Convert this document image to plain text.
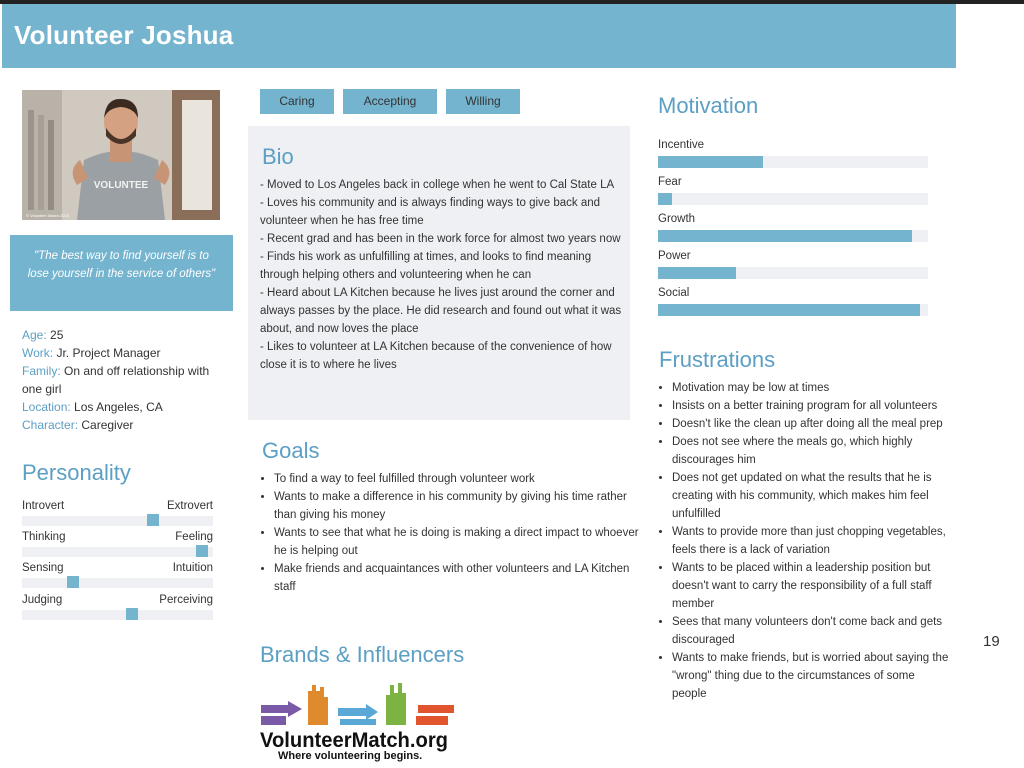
Volunteer Joshua
VOLUNTEE
© Volunteer Match 2015
"The best way to find yourself is to lose yourself in the service of others"
Age: 25
Work: Jr. Project Manager
Family: On and off relationship with one girl
Location: Los Angeles, CA
Character: Caregiver
Personality
Introvert	Extrovert
Thinking	Feeling
Sensing	Intuition
Judging	Perceiving
Caring	Accepting	Willing
Bio
- Moved to Los Angeles back in college when he went to Cal State LA
- Loves his community and is always finding ways to give back and volunteer when he has free time
- Recent grad and has been in the work force for almost two years now
- Finds his work as unfulfilling at times, and looks to find meaning through helping others and volunteering when he can
- Heard about LA Kitchen because he lives just around the corner and always passes by the place. He did research and found out what it was about, and now loves the place
- Likes to volunteer at LA Kitchen because of the convenience of how close it is to where he lives
Goals
• To find a way to feel fulfilled through volunteer work
• Wants to make a difference in his community by giving his time rather than giving his money
• Wants to see that what he is doing is making a direct impact to whoever he is helping out
• Make friends and acquaintances with other volunteers and LA Kitchen staff
Brands & Influencers
VolunteerMatch.org
Where volunteering begins.
Motivation
Incentive
Fear
Growth
Power
Social
Frustrations
• Motivation may be low at times
• Insists on a better training program for all volunteers
• Doesn't like the clean up after doing all the meal prep
• Does not see where the meals go, which highly discourages him
• Does not get updated on what the results that he is creating with his community, which makes him feel unfulfilled
• Wants to provide more than just chopping vegetables, feels there is a lack of variation
• Wants to be placed within a leadership position but doesn't want to carry the responsibility of a full staff member
• Sees that many volunteers don't come back and gets discouraged
• Wants to make friends, but is worried about saying the "wrong" thing due to the circumstances of some people
19
